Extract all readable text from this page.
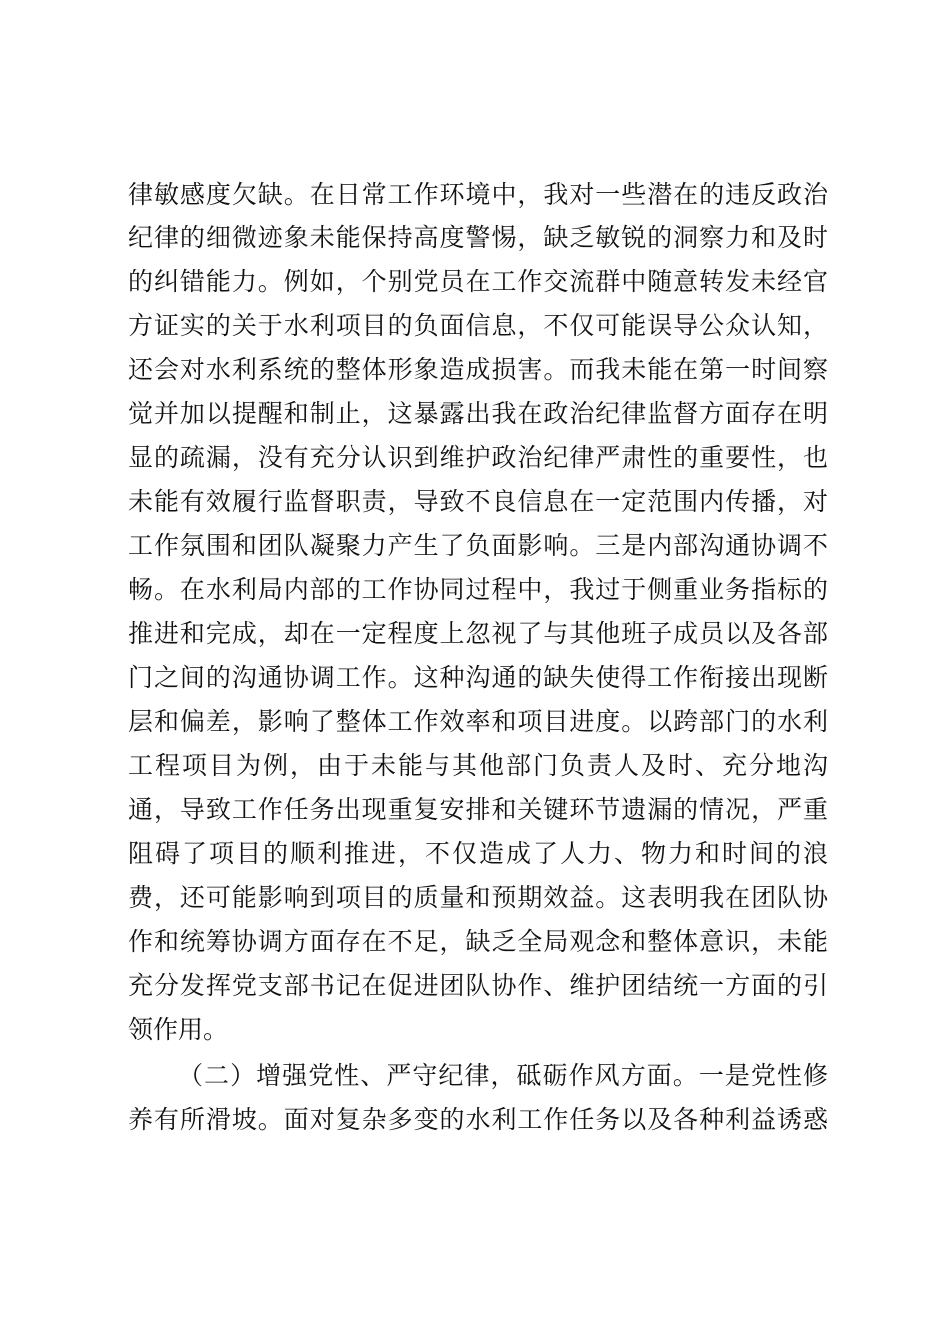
律敏感度欠缺。在日常工作环境中，我对一些潜在的违反政治
纪律的细微迹象未能保持高度警惕，缺乏敏锐的洞察力和及时
的纠错能力。例如，个别党员在工作交流群中随意转发未经官
方证实的关于水利项目的负面信息，不仅可能误导公众认知，
还会对水利系统的整体形象造成损害。而我未能在第一时间察
觉并加以提醒和制止，这暴露出我在政治纪律监督方面存在明
显的疏漏，没有充分认识到维护政治纪律严肃性的重要性，也
未能有效履行监督职责，导致不良信息在一定范围内传播，对
工作氛围和团队凝聚力产生了负面影响。三是内部沟通协调不
畅。在水利局内部的工作协同过程中，我过于侧重业务指标的
推进和完成，却在一定程度上忽视了与其他班子成员以及各部
门之间的沟通协调工作。这种沟通的缺失使得工作衔接出现断
层和偏差，影响了整体工作效率和项目进度。以跨部门的水利
工程项目为例，由于未能与其他部门负责人及时、充分地沟
通，导致工作任务出现重复安排和关键环节遗漏的情况，严重
阻碍了项目的顺利推进，不仅造成了人力、物力和时间的浪
费，还可能影响到项目的质量和预期效益。这表明我在团队协
作和统筹协调方面存在不足，缺乏全局观念和整体意识，未能
充分发挥党支部书记在促进团队协作、维护团结统一方面的引
领作用。
（二）增强党性、严守纪律，砥砺作风方面。一是党性修
养有所滑坡。面对复杂多变的水利工作任务以及各种利益诱惑
